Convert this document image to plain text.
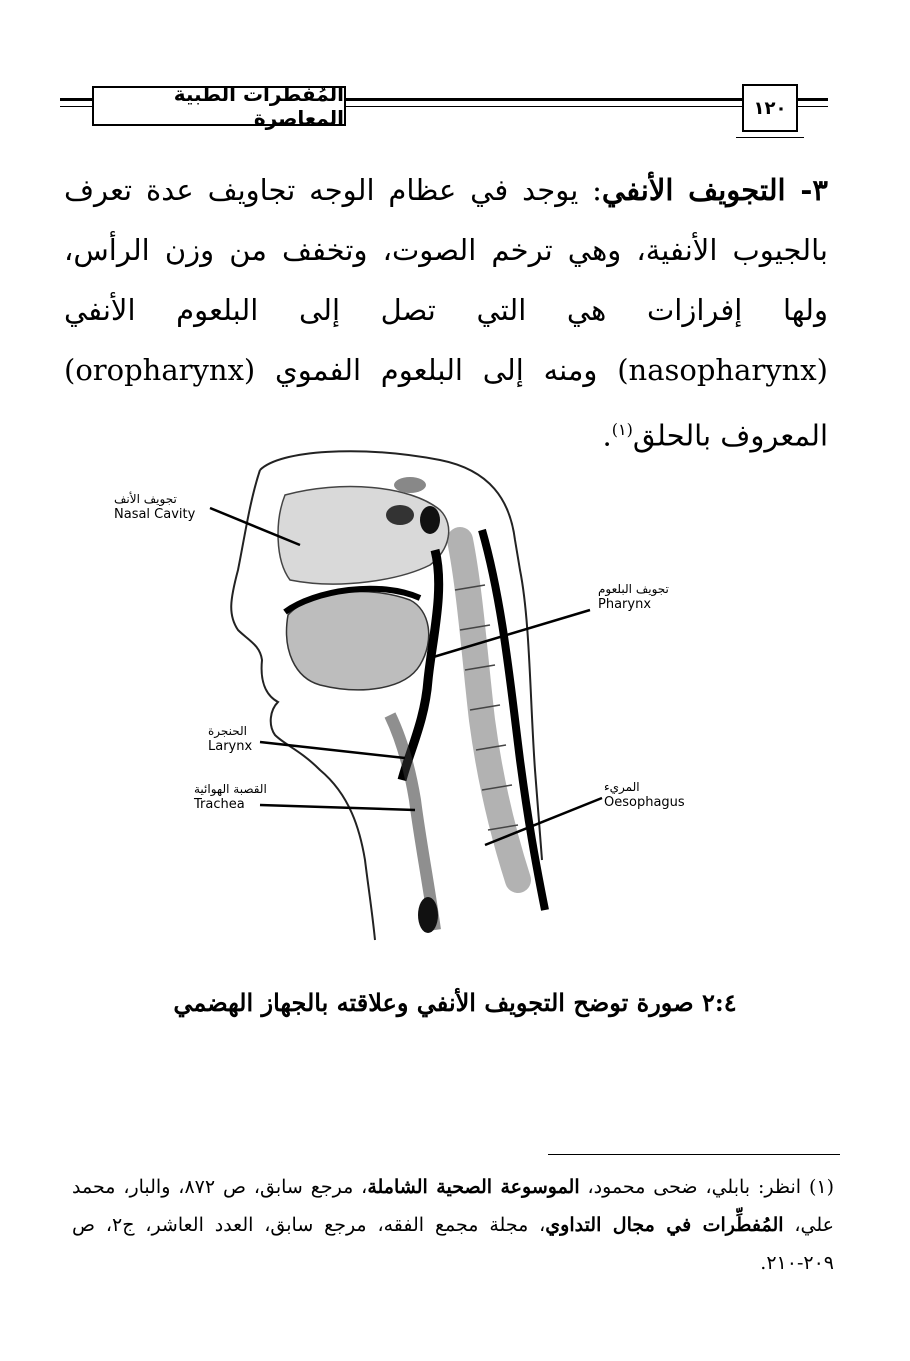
المُفطرات الطبية المعاصرة	١٢٠
٣- التجويف الأنفي: يوجد في عظام الوجه تجاويف عدة تعرف بالجيوب الأنفية، وهي ترخم الصوت، وتخفف من وزن الرأس، ولها إفرازات هي التي تصل إلى البلعوم الأنفي (nasopharynx) ومنه إلى البلعوم الفموي (oropharynx) المعروف بالحلق$^{(١)}$.
تجويف الأنف
Nasal Cavity
تجويف البلعوم
Pharynx
الحنجرة
Larynx
القصبة الهوائية
Trachea
المريء
Oesophagus
٢:٤ صورة توضح التجويف الأنفي وعلاقته بالجهاز الهضمي
(١) انظر: بابلي، ضحى محمود، الموسوعة الصحية الشاملة، مرجع سابق، ص ٨٧٢، والبار، محمد علي، المُفطِّرات في مجال التداوي، مجلة مجمع الفقه، مرجع سابق، العدد العاشر، ج٢، ص ٢٠٩-٢١٠.
